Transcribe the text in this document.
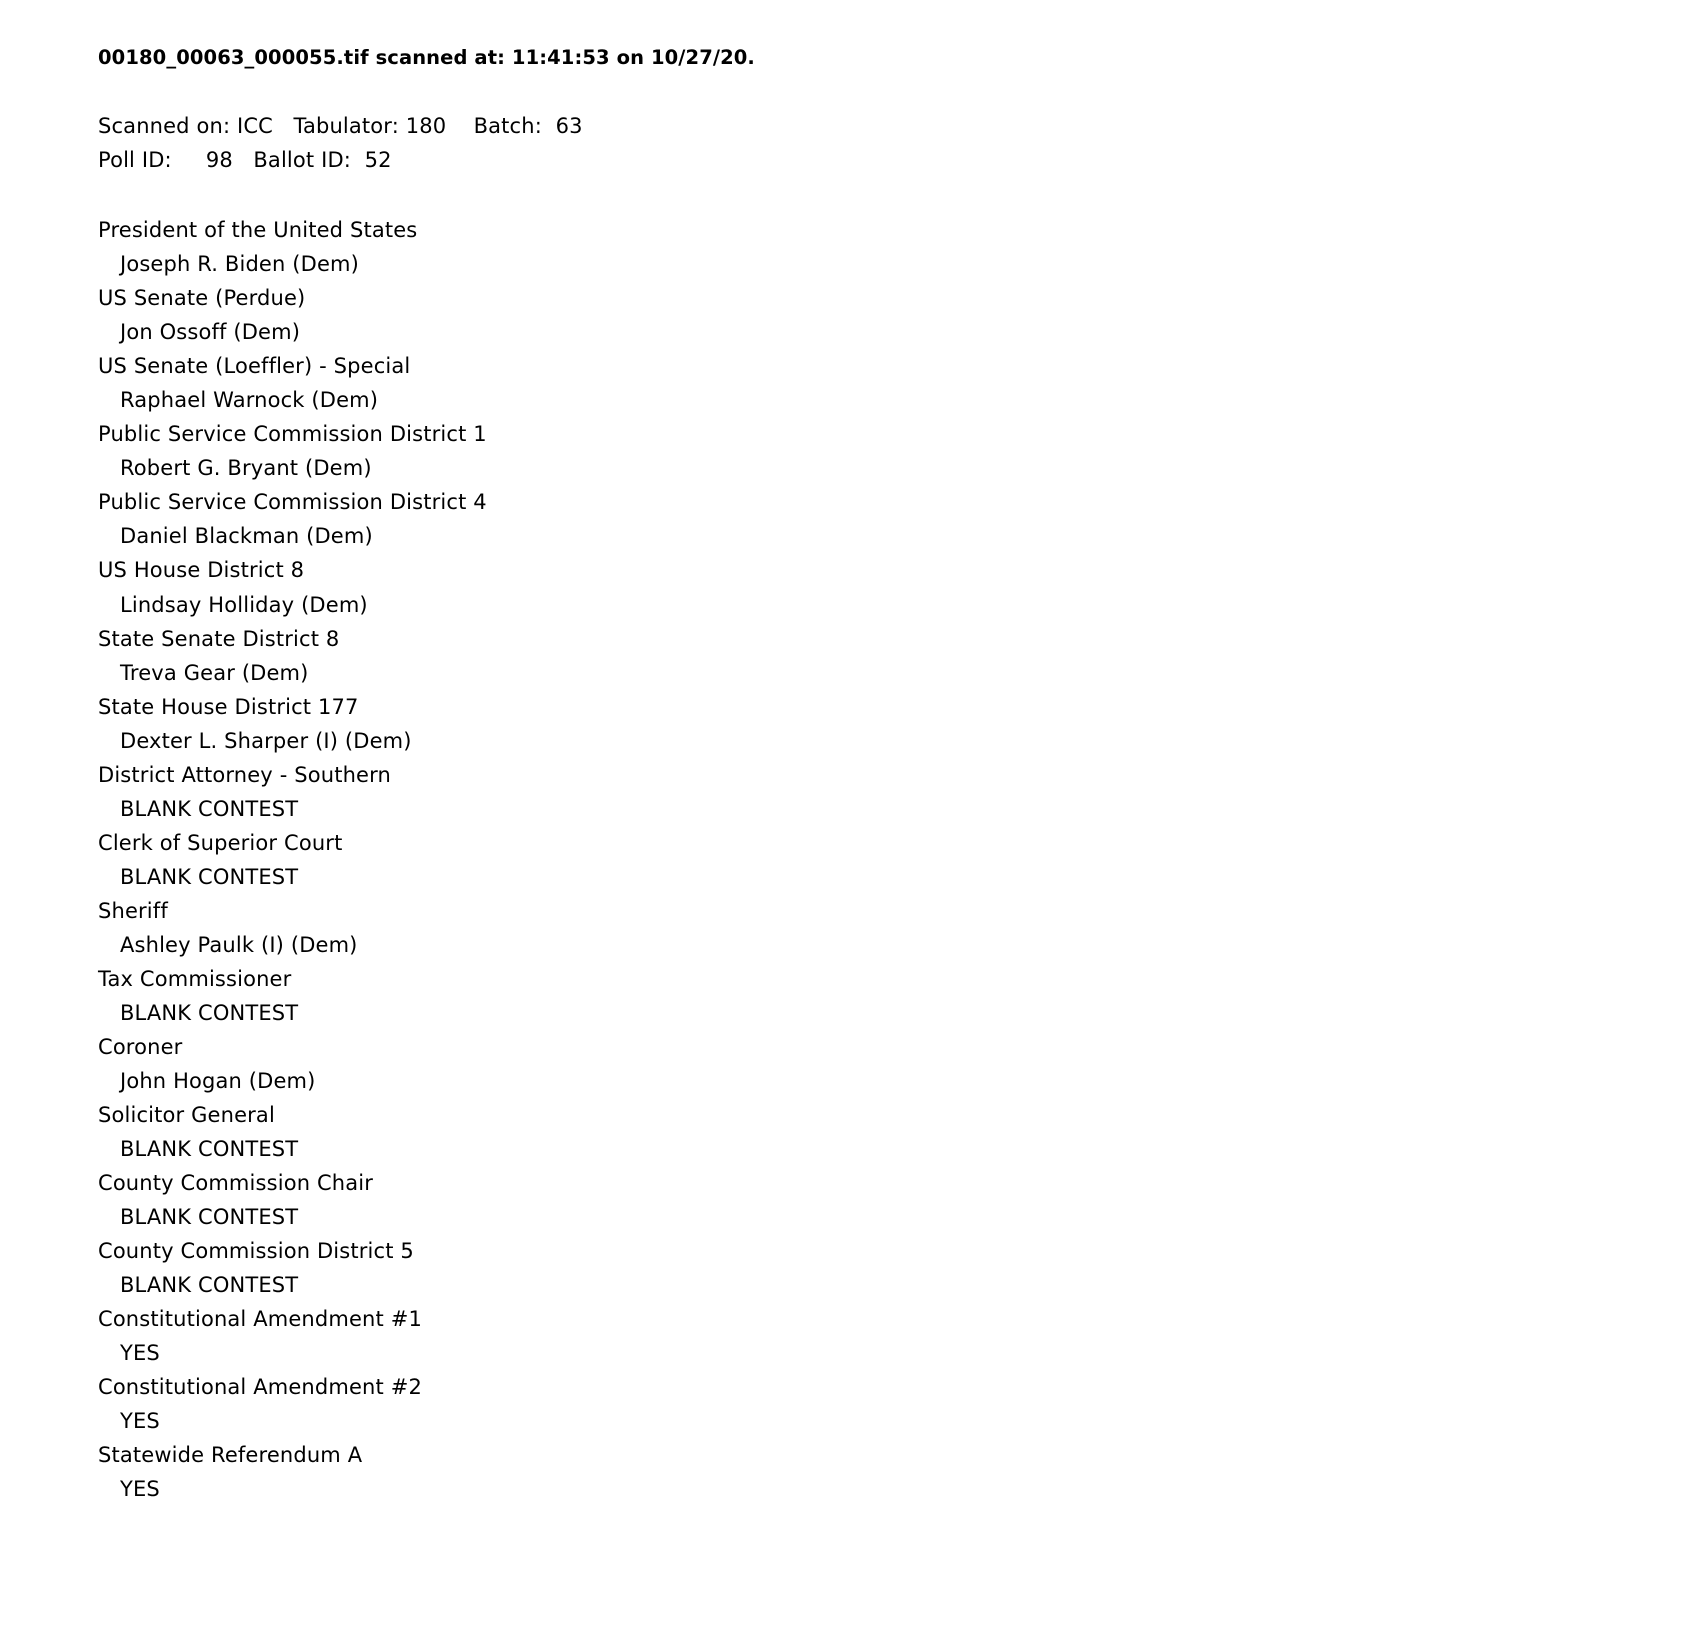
00180_00063_000055.tif scanned at: 11:41:53 on 10/27/20.
Scanned on: ICC   Tabulator: 180    Batch:  63
Poll ID:     98   Ballot ID:  52
President of the United States
Joseph R. Biden (Dem)
US Senate (Perdue)
Jon Ossoff (Dem)
US Senate (Loeffler) - Special
Raphael Warnock (Dem)
Public Service Commission District 1
Robert G. Bryant (Dem)
Public Service Commission District 4
Daniel Blackman (Dem)
US House District 8
Lindsay Holliday (Dem)
State Senate District 8
Treva Gear (Dem)
State House District 177
Dexter L. Sharper (I) (Dem)
District Attorney - Southern
BLANK CONTEST
Clerk of Superior Court
BLANK CONTEST
Sheriff
Ashley Paulk (I) (Dem)
Tax Commissioner
BLANK CONTEST
Coroner
John Hogan (Dem)
Solicitor General
BLANK CONTEST
County Commission Chair
BLANK CONTEST
County Commission District 5
BLANK CONTEST
Constitutional Amendment #1
YES
Constitutional Amendment #2
YES
Statewide Referendum A
YES
